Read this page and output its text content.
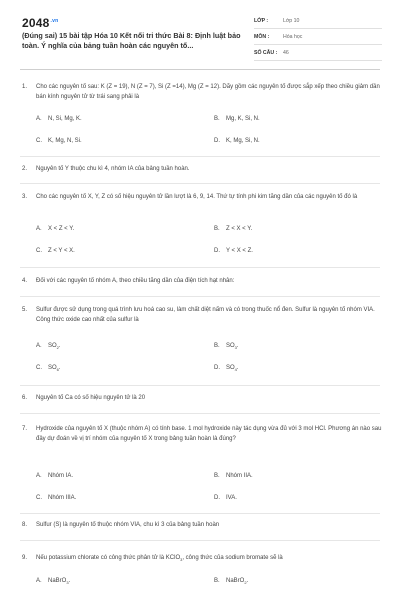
$2048^{.vn}$
(Đúng sai) 15 bài tập Hóa 10 Kết nối tri thức Bài 8: Định luật bảo toàn. Ý nghĩa của bảng tuần hoàn các nguyên tố...
LỚP :	Lớp 10
MÔN :	Hóa học
SỐ CÂU :	46
1.	Cho các nguyên tố sau: K (Z = 19), N (Z = 7), Si (Z =14), Mg (Z = 12). Dãy gồm các nguyên tố được sắp xếp theo chiều giảm dần bán kính nguyên tử từ trái sang phải là
A. N, Si, Mg, K.	B. Mg, K, Si, N.
C. K, Mg, N, Si.	D. K, Mg, Si, N.
2.	Nguyên tố Y thuộc chu kì 4, nhóm IA của bảng tuần hoàn.
3.	Cho các nguyên tố X, Y, Z có số hiệu nguyên tử lần lượt là 6, 9, 14. Thứ tự tính phi kim tăng dần của các nguyên tố đó là
A. X < Z < Y.	B. Z < X < Y.
C. Z < Y < X.	D. Y < X < Z.
4.	Đối với các nguyên tố nhóm A, theo chiều tăng dần của điện tích hạt nhân:
5.	Sulfur được sử dụng trong quá trình lưu hoá cao su, làm chất diệt nấm và có trong thuốc nổ đen. Sulfur là nguyên tố nhóm VIA. Công thức oxide cao nhất của sulfur là
A. $SO_2$.	B. $SO_3$.
C. $SO_6$.	D. $SO_4$.
6.	Nguyên tố Ca có số hiệu nguyên tử là 20
7.	Hydroxide của nguyên tố X (thuộc nhóm A) có tính base. 1 mol hydroxide này tác dụng vừa đủ với 3 mol HCl. Phương án nào sau đây dự đoán về vị trí nhóm của nguyên tố X trong bảng tuần hoàn là đúng?
A. Nhóm IA.	B. Nhóm IIA.
C. Nhóm IIIA.	D. IVA.
8.	Sulfur (S) là nguyên tố thuộc nhóm VIA, chu kì 3 của bảng tuần hoàn
9.	Nếu potassium chlorate có công thức phân tử là KClO$_3$, công thức của sodium bromate sẽ là
A. NaBrO$_3$.	B. NaBrO$_2$.
